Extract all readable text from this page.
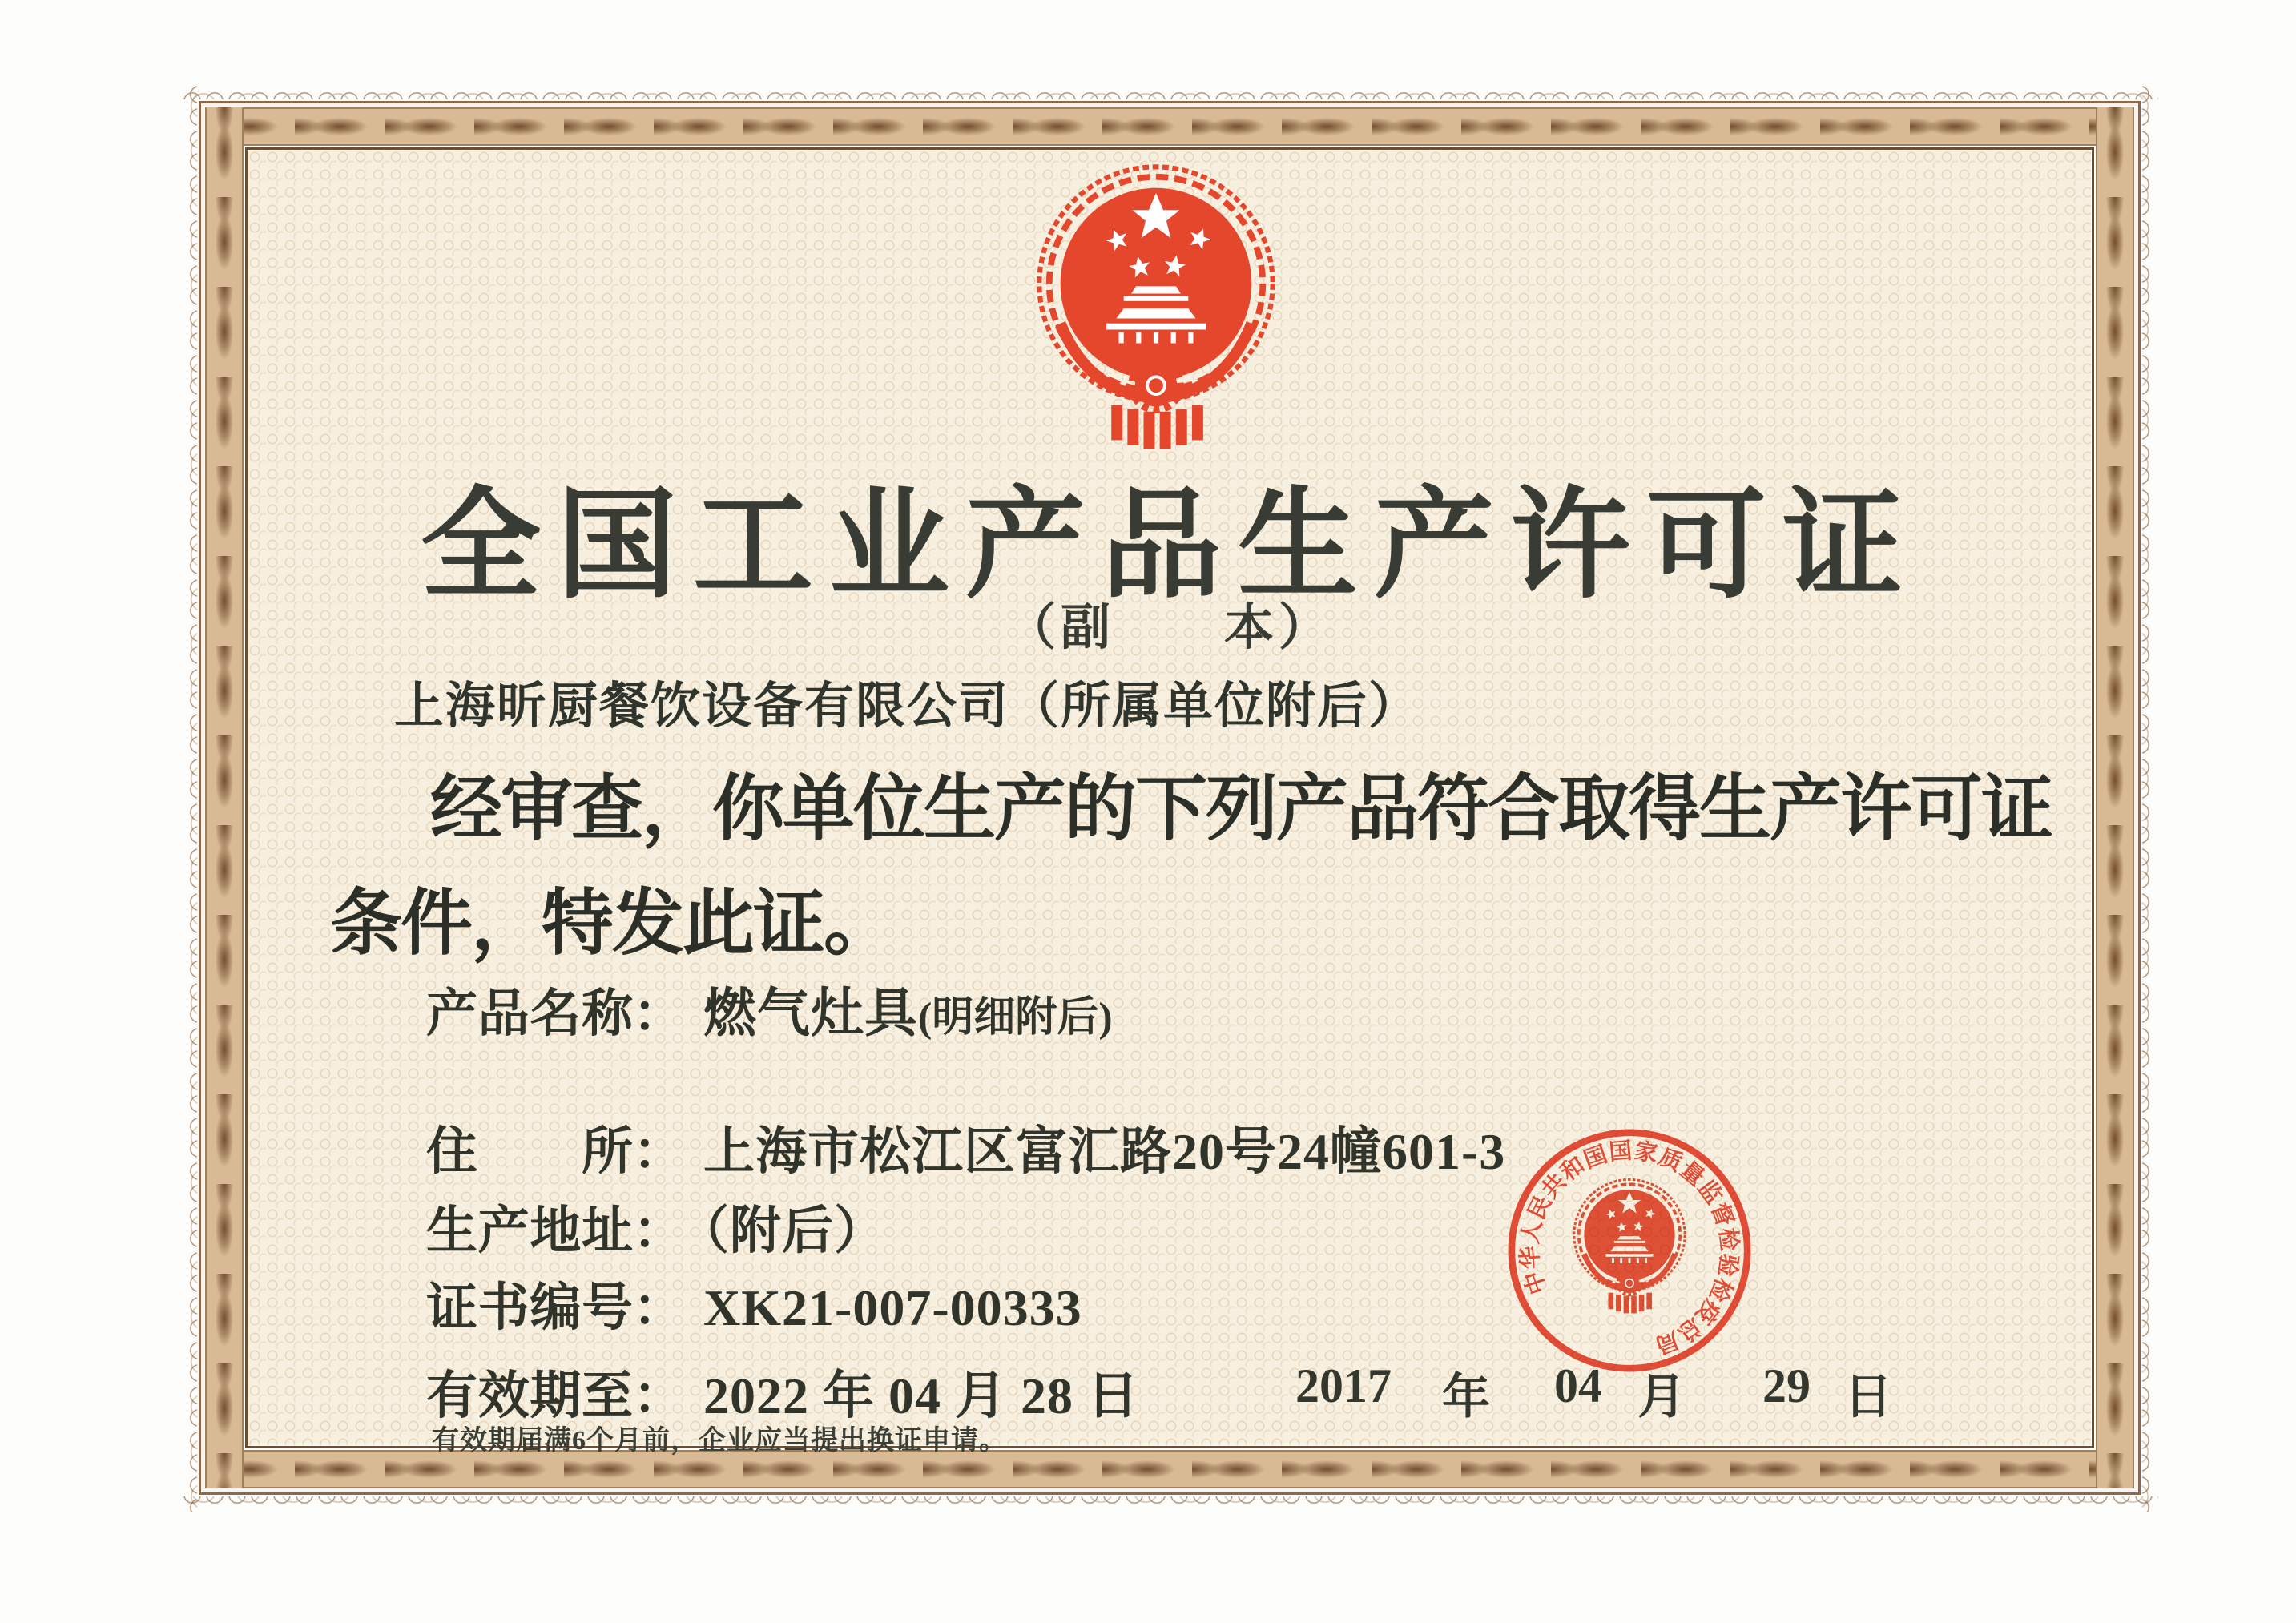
全国工业产品生产许可证
（副　　本）
上海昕厨餐饮设备有限公司（所属单位附后）
经审查，你单位生产的下列产品符合取得生产许可证
条件，特发此证。
产品名称： 燃气灶具(明细附后)
住所： 上海市松江区富汇路20号24幢601-3
生产地址： （附后）
证书编号： XK21-007-00333
有效期至： 2022 年 04 月 28 日
有效期届满6个月前，企业应当提出换证申请。
中华人民共和国国家质量监督检验检疫总局
2017 年 04 月 29 日
